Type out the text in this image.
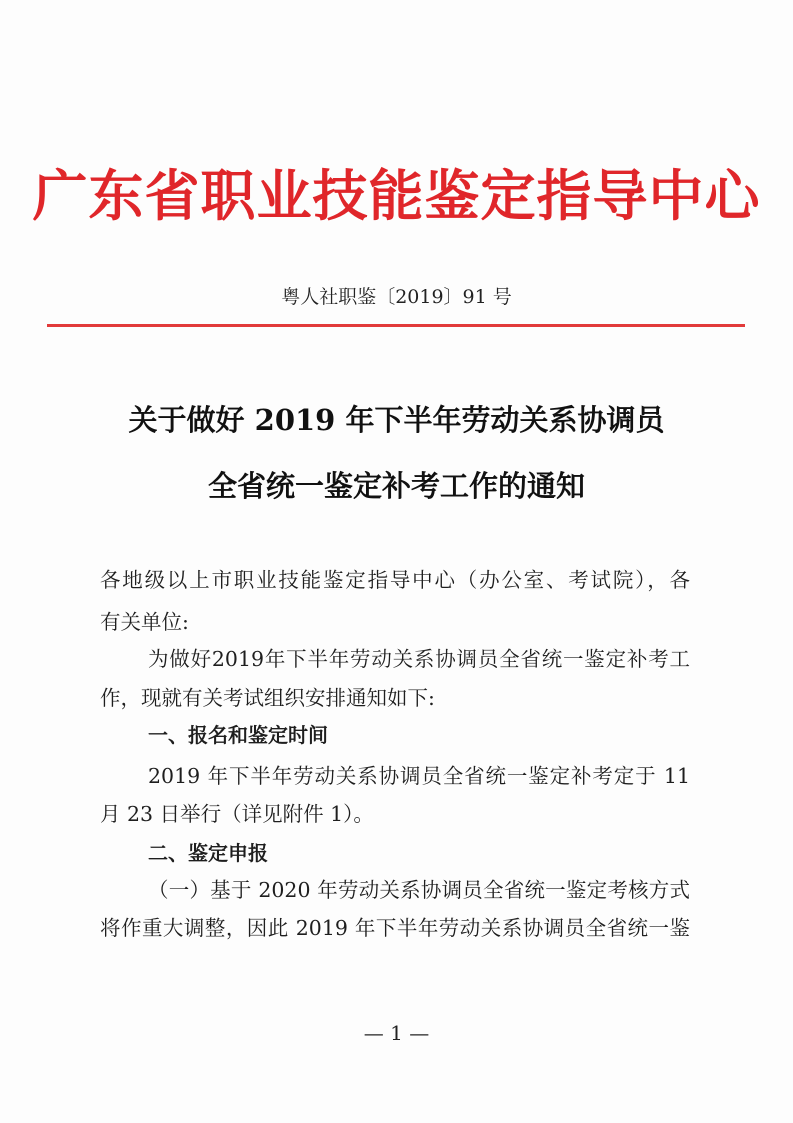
广东省职业技能鉴定指导中心
粤人社职鉴〔2019〕91 号
关于做好 2019 年下半年劳动关系协调员
全省统一鉴定补考工作的通知
各地级以上市职业技能鉴定指导中心（办公室、考试院），各
有关单位:
为做好2019年下半年劳动关系协调员全省统一鉴定补考工
作，现就有关考试组织安排通知如下:
一、报名和鉴定时间
2019 年下半年劳动关系协调员全省统一鉴定补考定于 11
月 23 日举行（详见附件 1）。
二、鉴定申报
（一）基于 2020 年劳动关系协调员全省统一鉴定考核方式
将作重大调整，因此 2019 年下半年劳动关系协调员全省统一鉴
— 1 —
